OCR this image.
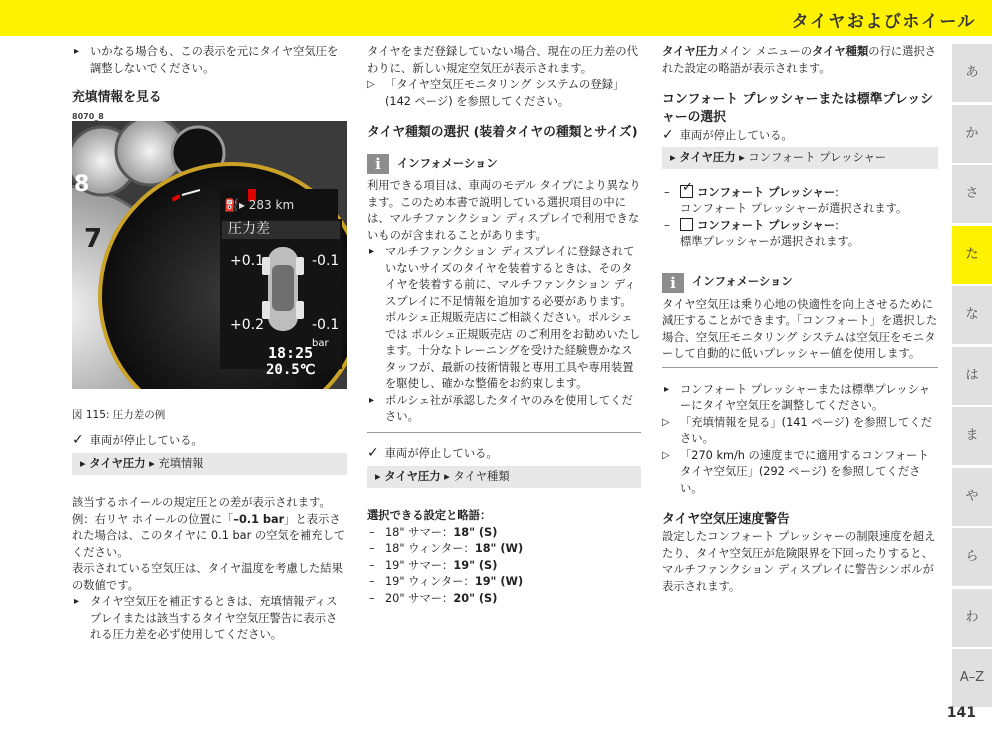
タイヤおよびホイール

▸ いかなる場合も、この表示を元にタイヤ空気圧を調整しないでください。

充填情報を見る
8070_8
7
8
⛽▸ 283 km
圧力差
+0.1	-0.1
+0.2	-0.1 bar
18:25
20.5℃

図 115: 圧力差の例

✓ 車両が停止している。

▸ タイヤ圧力 ▸ 充填情報

該当するホイールの規定圧との差が表示されます。

例：右リヤ ホイールの位置に「–0.1 bar」と表示された場合は、このタイヤに 0.1 bar の空気を補充してください。

表示されている空気圧は、タイヤ温度を考慮した結果の数値です。

▸ タイヤ空気圧を補正するときは、充填情報ディスプレイまたは該当するタイヤ空気圧警告に表示される圧力差を必ず使用してください。

タイヤをまだ登録していない場合、現在の圧力差の代わりに、新しい規定空気圧が表示されます。

▷ 「タイヤ空気圧モニタリング システムの登録」(142 ページ) を参照してください。

タイヤ種類の選択 (装着タイヤの種類とサイズ)
i	インフォメーション

利用できる項目は、車両のモデル タイプにより異なります。このため本書で説明している選択項目の中には、マルチファンクション ディスプレイで利用できないものが含まれることがあります。

▸ マルチファンクション ディスプレイに登録されていないサイズのタイヤを装着するときは、そのタイヤを装着する前に、マルチファンクション ディスプレイに不足情報を追加する必要があります。

ポルシェ正規販売店にご相談ください。ポルシェ では ポルシェ正規販売店 のご利用をお勧めいたします。十分なトレーニングを受けた経験豊かなスタッフが、最新の技術情報と専用工具や専用装置を駆使し、確かな整備をお約束します。

▸ ポルシェ社が承認したタイヤのみを使用してください。

✓ 車両が停止している。

▸ タイヤ圧力 ▸ タイヤ種類

選択できる設定と略語：

– 18" サマー：18" (S)

– 18" ウィンター：18" (W)

– 19" サマー：19" (S)

– 19" ウィンター：19" (W)

– 20" サマー：20" (S)

タイヤ圧力メイン メニューのタイヤ種類の行に選択された設定の略語が表示されます。

コンフォート プレッシャーまたは標準プレッシャーの選択

✓ 車両が停止している。

▸ タイヤ圧力 ▸ コンフォート プレッシャー

✓– コンフォート プレッシャー:

コンフォート プレッシャーが選択されます。

– コンフォート プレッシャー:

標準プレッシャーが選択されます。

i	インフォメーション

タイヤ空気圧は乗り心地の快適性を向上させるために減圧することができます。「コンフォート」を選択した場合、空気圧モニタリング システムは空気圧をモニターして自動的に低いプレッシャー値を使用します。

▸ コンフォート プレッシャーまたは標準プレッシャーにタイヤ空気圧を調整してください。

▷ 「充填情報を見る」(141 ページ) を参照してください。

▷ 「270 km/h の速度までに適用するコンフォート タイヤ空気圧」(292 ページ) を参照してください。

タイヤ空気圧速度警告

設定したコンフォート プレッシャーの制限速度を超えたり、タイヤ空気圧が危険限界を下回ったりすると、マルチファンクション ディスプレイに警告シンボルが表示されます。

あ
か
さ
た
な
は
ま
や
ら
わ
A–Z
141
